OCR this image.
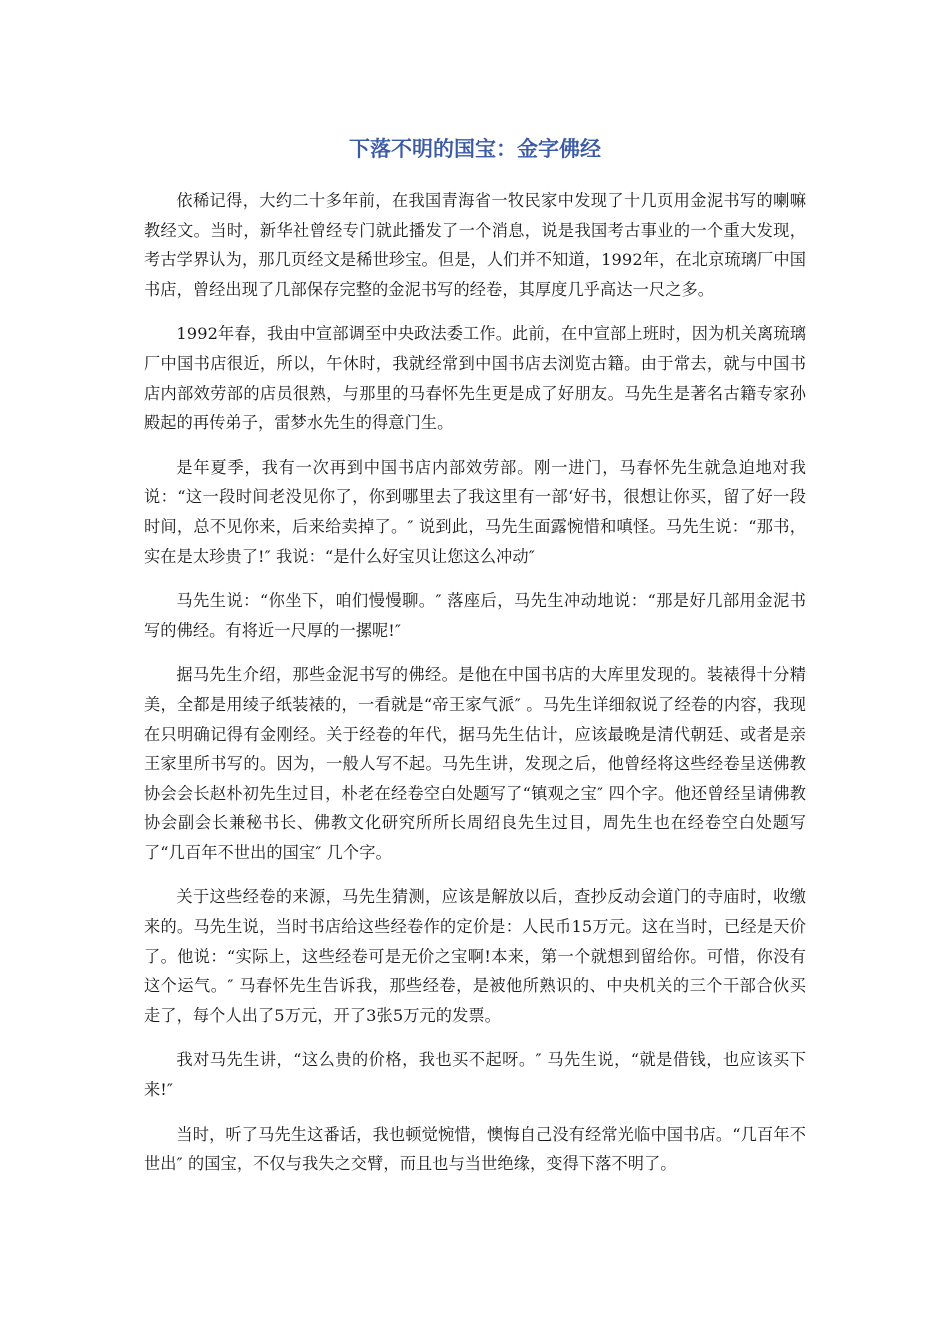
下落不明的国宝：金字佛经

依稀记得，大约二十多年前，在我国青海省一牧民家中发现了十几页用金泥书写的喇嘛教经文。当时，新华社曾经专门就此播发了一个消息，说是我国考古事业的一个重大发现，考古学界认为，那几页经文是稀世珍宝。但是，人们并不知道，1992年，在北京琉璃厂中国书店，曾经出现了几部保存完整的金泥书写的经卷，其厚度几乎高达一尺之多。

1992年春，我由中宣部调至中央政法委工作。此前，在中宣部上班时，因为机关离琉璃厂中国书店很近，所以，午休时，我就经常到中国书店去浏览古籍。由于常去，就与中国书店内部效劳部的店员很熟，与那里的马春怀先生更是成了好朋友。马先生是著名古籍专家孙殿起的再传弟子，雷梦水先生的得意门生。

是年夏季，我有一次再到中国书店内部效劳部。刚一进门，马春怀先生就急迫地对我说：“这一段时间老没见你了，你到哪里去了我这里有一部‘好书，很想让你买，留了好一段时间，总不见你来，后来给卖掉了。″ 说到此，马先生面露惋惜和嗔怪。马先生说：“那书，实在是太珍贵了!″ 我说：“是什么好宝贝让您这么冲动″

马先生说：“你坐下，咱们慢慢聊。″ 落座后，马先生冲动地说：“那是好几部用金泥书写的佛经。有将近一尺厚的一摞呢!″

据马先生介绍，那些金泥书写的佛经。是他在中国书店的大库里发现的。装裱得十分精美，全都是用绫子纸装裱的，一看就是“帝王家气派″ 。马先生详细叙说了经卷的内容，我现在只明确记得有金刚经。关于经卷的年代，据马先生估计，应该最晚是清代朝廷、或者是亲王家里所书写的。因为，一般人写不起。马先生讲，发现之后，他曾经将这些经卷呈送佛教协会会长赵朴初先生过目，朴老在经卷空白处题写了“镇观之宝″ 四个字。他还曾经呈请佛教协会副会长兼秘书长、佛教文化研究所所长周绍良先生过目，周先生也在经卷空白处题写了“几百年不世出的国宝″ 几个字。

关于这些经卷的来源，马先生猜测，应该是解放以后，查抄反动会道门的寺庙时，收缴来的。马先生说，当时书店给这些经卷作的定价是：人民币15万元。这在当时，已经是天价了。他说：“实际上，这些经卷可是无价之宝啊!本来，第一个就想到留给你。可惜，你没有这个运气。″ 马春怀先生告诉我，那些经卷，是被他所熟识的、中央机关的三个干部合伙买走了，每个人出了5万元，开了3张5万元的发票。

我对马先生讲，“这么贵的价格，我也买不起呀。″ 马先生说，“就是借钱，也应该买下来!″

当时，听了马先生这番话，我也顿觉惋惜，懊悔自己没有经常光临中国书店。“几百年不世出″ 的国宝，不仅与我失之交臂，而且也与当世绝缘，变得下落不明了。
